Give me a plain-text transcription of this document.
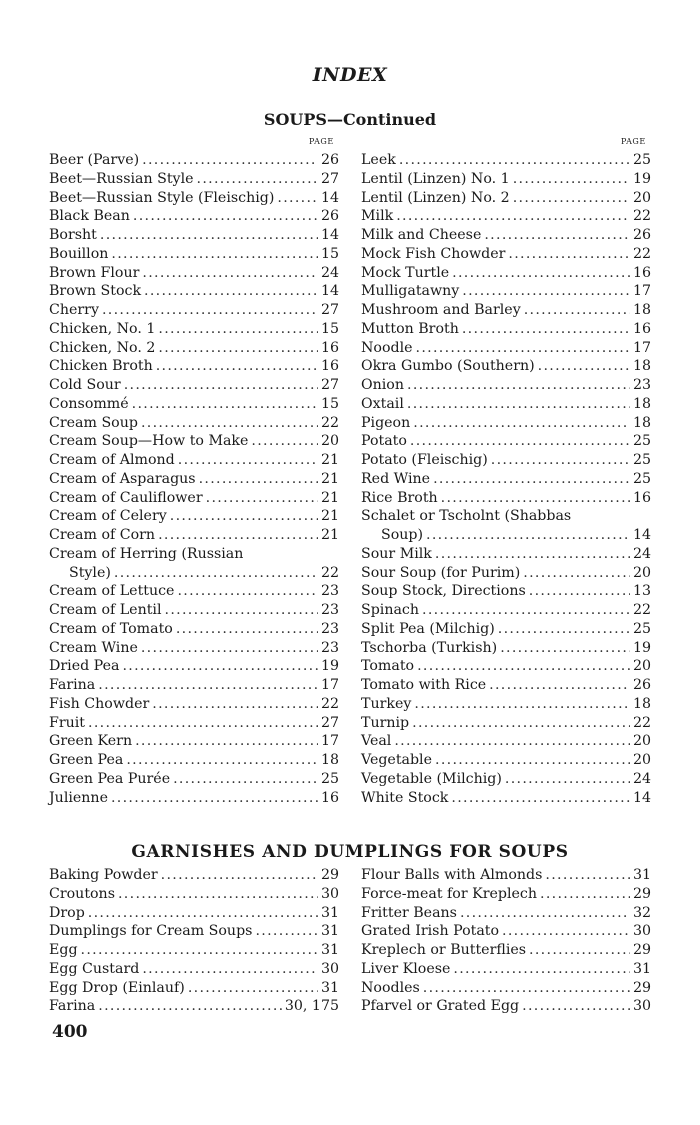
INDEX
SOUPS—Continued
PAGE	PAGE
Beer (Parve) . . .	26
Beet—Russian Style . . .	27
Beet—Russian Style (Fleischig) . . .	14
Black Bean . . .	26
Borsht . . .	14
Bouillon . . .	15
Brown Flour . . .	24
Brown Stock . . .	14
Cherry . . .	27
Chicken, No. 1 . . .	15
Chicken, No. 2 . . .	16
Chicken Broth . . .	16
Cold Sour . . .	27
Consommé . . .	15
Cream Soup . . .	22
Cream Soup—How to Make . . .	20
Cream of Almond . . .	21
Cream of Asparagus . . .	21
Cream of Cauliflower . . .	21
Cream of Celery . . .	21
Cream of Corn . . .	21
Cream of Herring (Russian
Style) . . .	22
Cream of Lettuce . . .	23
Cream of Lentil . . .	23
Cream of Tomato . . .	23
Cream Wine . . .	23
Dried Pea . . .	19
Farina . . .	17
Fish Chowder . . .	22
Fruit . . .	27
Green Kern . . .	17
Green Pea . . .	18
Green Pea Purée . . .	25
Julienne . . .	16
Leek . . .	25
Lentil (Linzen) No. 1 . . .	19
Lentil (Linzen) No. 2 . . .	20
Milk . . .	22
Milk and Cheese . . .	26
Mock Fish Chowder . . .	22
Mock Turtle . . .	16
Mulligatawny . . .	17
Mushroom and Barley . . .	18
Mutton Broth . . .	16
Noodle . . .	17
Okra Gumbo (Southern) . . .	18
Onion . . .	23
Oxtail . . .	18
Pigeon . . .	18
Potato . . .	25
Potato (Fleischig) . . .	25
Red Wine . . .	25
Rice Broth . . .	16
Schalet or Tscholnt (Shabbas
Soup) . . .	14
Sour Milk . . .	24
Sour Soup (for Purim) . . .	20
Soup Stock, Directions . . .	13
Spinach . . .	22
Split Pea (Milchig) . . .	25
Tschorba (Turkish) . . .	19
Tomato . . .	20
Tomato with Rice . . .	26
Turkey . . .	18
Turnip . . .	22
Veal . . .	20
Vegetable . . .	20
Vegetable (Milchig) . . .	24
White Stock . . .	14
GARNISHES AND DUMPLINGS FOR SOUPS
Baking Powder . . .	29
Croutons . . .	30
Drop . . .	31
Dumplings for Cream Soups . . .	31
Egg . . .	31
Egg Custard . . .	30
Egg Drop (Einlauf) . . .	31
Farina . . .	30, 175
Flour Balls with Almonds . . .	31
Force-meat for Kreplech . . .	29
Fritter Beans . . .	32
Grated Irish Potato . . .	30
Kreplech or Butterflies . . .	29
Liver Kloese . . .	31
Noodles . . .	29
Pfarvel or Grated Egg . . .	30
400
